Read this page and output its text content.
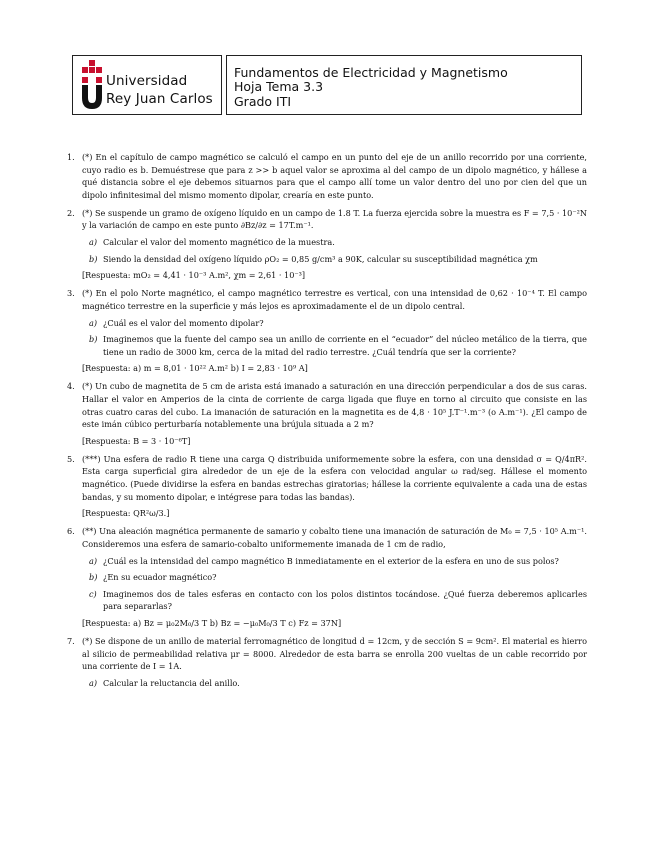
Universidad
Rey Juan Carlos
Fundamentos de Electricidad y Magnetismo
Hoja Tema 3.3
Grado ITI
1. (*) En el capítulo de campo magnético se calculó el campo en un punto del eje de un anillo recorrido por una corriente, cuyo radio es b. Demuéstrese que para z >> b aquel valor se aproxima al del campo de un dipolo magnético, y hállese a qué distancia sobre el eje debemos situarnos para que el campo allí tome un valor dentro del uno por cien del que un dipolo infinitesimal del mismo momento dipolar, crearía en este punto.
2. (*) Se suspende un gramo de oxígeno líquido en un campo de 1.8 T. La fuerza ejercida sobre la muestra es F = 7,5 · 10⁻²N y la variación de campo en este punto ∂Bz/∂z = 17T.m⁻¹.
a) Calcular el valor del momento magnético de la muestra.
b) Siendo la densidad del oxígeno líquido ρO₂ = 0,85 g/cm³ a 90K, calcular su susceptibilidad magnética χm
[Respuesta: mO₂ = 4,41 · 10⁻³ A.m², χm = 2,61 · 10⁻³]
3. (*) En el polo Norte magnético, el campo magnético terrestre es vertical, con una intensidad de 0,62 · 10⁻⁴ T. El campo magnético terrestre en la superficie y más lejos es aproximadamente el de un dipolo central.
a) ¿Cuál es el valor del momento dipolar?
b) Imaginemos que la fuente del campo sea un anillo de corriente en el “ecuador” del núcleo metálico de la tierra, que tiene un radio de 3000 km, cerca de la mitad del radio terrestre. ¿Cuál tendría que ser la corriente?
[Respuesta: a) m = 8,01 · 10²² A.m² b) I = 2,83 · 10⁹ A]
4. (*) Un cubo de magnetita de 5 cm de arista está imanado a saturación en una dirección perpendicular a dos de sus caras. Hallar el valor en Amperios de la cinta de corriente de carga ligada que fluye en torno al circuito que consiste en las otras cuatro caras del cubo. La imanación de saturación en la magnetita es de 4,8 · 10⁵ J.T⁻¹.m⁻³ (o A.m⁻¹). ¿El campo de este imán cúbico perturbaría notablemente una brújula situada a 2 m?
[Respuesta: B = 3 · 10⁻⁶T]
5. (***) Una esfera de radio R tiene una carga Q distribuida uniformemente sobre la esfera, con una densidad σ = Q/4πR². Esta carga superficial gira alrededor de un eje de la esfera con velocidad angular ω rad/seg. Hállese el momento magnético. (Puede dividirse la esfera en bandas estrechas giratorias; hállese la corriente equivalente a cada una de estas bandas, y su momento dipolar, e intégrese para todas las bandas).
[Respuesta: QR²ω/3.]
6. (**) Una aleación magnética permanente de samario y cobalto tiene una imanación de saturación de M₀ = 7,5 · 10⁵ A.m⁻¹. Consideremos una esfera de samario-cobalto uniformemente imanada de 1 cm de radio,
a) ¿Cuál es la intensidad del campo magnético B inmediatamente en el exterior de la esfera en uno de sus polos?
b) ¿En su ecuador magnético?
c) Imaginemos dos de tales esferas en contacto con los polos distintos tocándose. ¿Qué fuerza deberemos aplicarles para separarlas?
[Respuesta: a) Bz = μ₀2M₀/3 T b) Bz = −μ₀M₀/3 T c) Fz = 37N]
7. (*) Se dispone de un anillo de material ferromagnético de longitud d = 12cm, y de sección S = 9cm². El material es hierro al silicio de permeabilidad relativa μr = 8000. Alrededor de esta barra se enrolla 200 vueltas de un cable recorrido por una corriente de I = 1A.
a) Calcular la reluctancia del anillo.
